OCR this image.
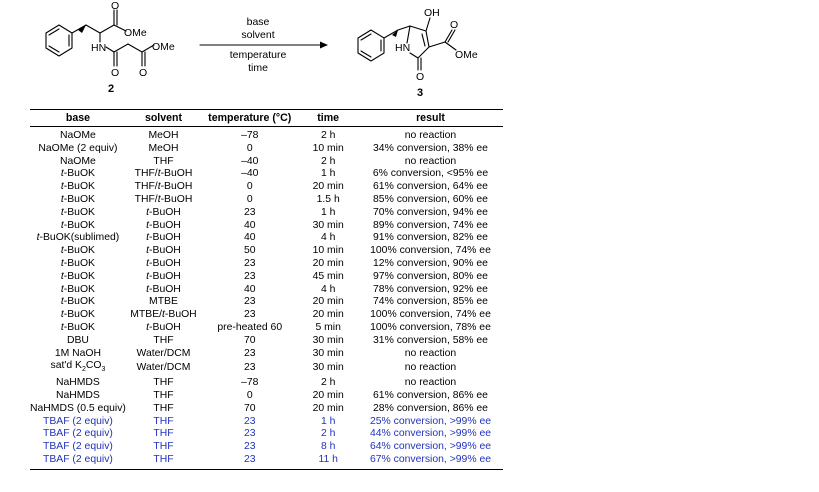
O
OMe
HN
O O
OMe
2
base
solvent
temperature
time
OH
O
OMe
HN
O
3
base	solvent	temperature (°C)	time	result
NaOMe	MeOH	–78	2 h	no reaction
NaOMe (2 equiv)	MeOH	0	10 min	34% conversion, 38% ee
NaOMe	THF	–40	2 h	no reaction
t-BuOK	THF/t-BuOH	–40	1 h	6% conversion, <95% ee
t-BuOK	THF/t-BuOH	0	20 min	61% conversion, 64% ee
t-BuOK	THF/t-BuOH	0	1.5 h	85% conversion, 60% ee
t-BuOK	t-BuOH	23	1 h	70% conversion, 94% ee
t-BuOK	t-BuOH	40	30 min	89% conversion, 74% ee
t-BuOK(sublimed)	t-BuOH	40	4 h	91% conversion, 82% ee
t-BuOK	t-BuOH	50	10 min	100% conversion, 74% ee
t-BuOK	t-BuOH	23	20 min	12% conversion, 90% ee
t-BuOK	t-BuOH	23	45 min	97% conversion, 80% ee
t-BuOK	t-BuOH	40	4 h	78% conversion, 92% ee
t-BuOK	MTBE	23	20 min	74% conversion, 85% ee
t-BuOK	MTBE/t-BuOH	23	20 min	100% conversion, 74% ee
t-BuOK	t-BuOH	pre-heated 60	5 min	100% conversion, 78% ee
DBU	THF	70	30 min	31% conversion, 58% ee
1M NaOH	Water/DCM	23	30 min	no reaction
sat'd $K_2CO_3$	Water/DCM	23	30 min	no reaction
NaHMDS	THF	–78	2 h	no reaction
NaHMDS	THF	0	20 min	61% conversion, 86% ee
NaHMDS (0.5 equiv)	THF	70	20 min	28% conversion, 86% ee
TBAF (2 equiv)	THF	23	1 h	25% conversion, >99% ee
TBAF (2 equiv)	THF	23	2 h	44% conversion, >99% ee
TBAF (2 equiv)	THF	23	8 h	64% conversion, >99% ee
TBAF (2 equiv)	THF	23	11 h	67% conversion, >99% ee
